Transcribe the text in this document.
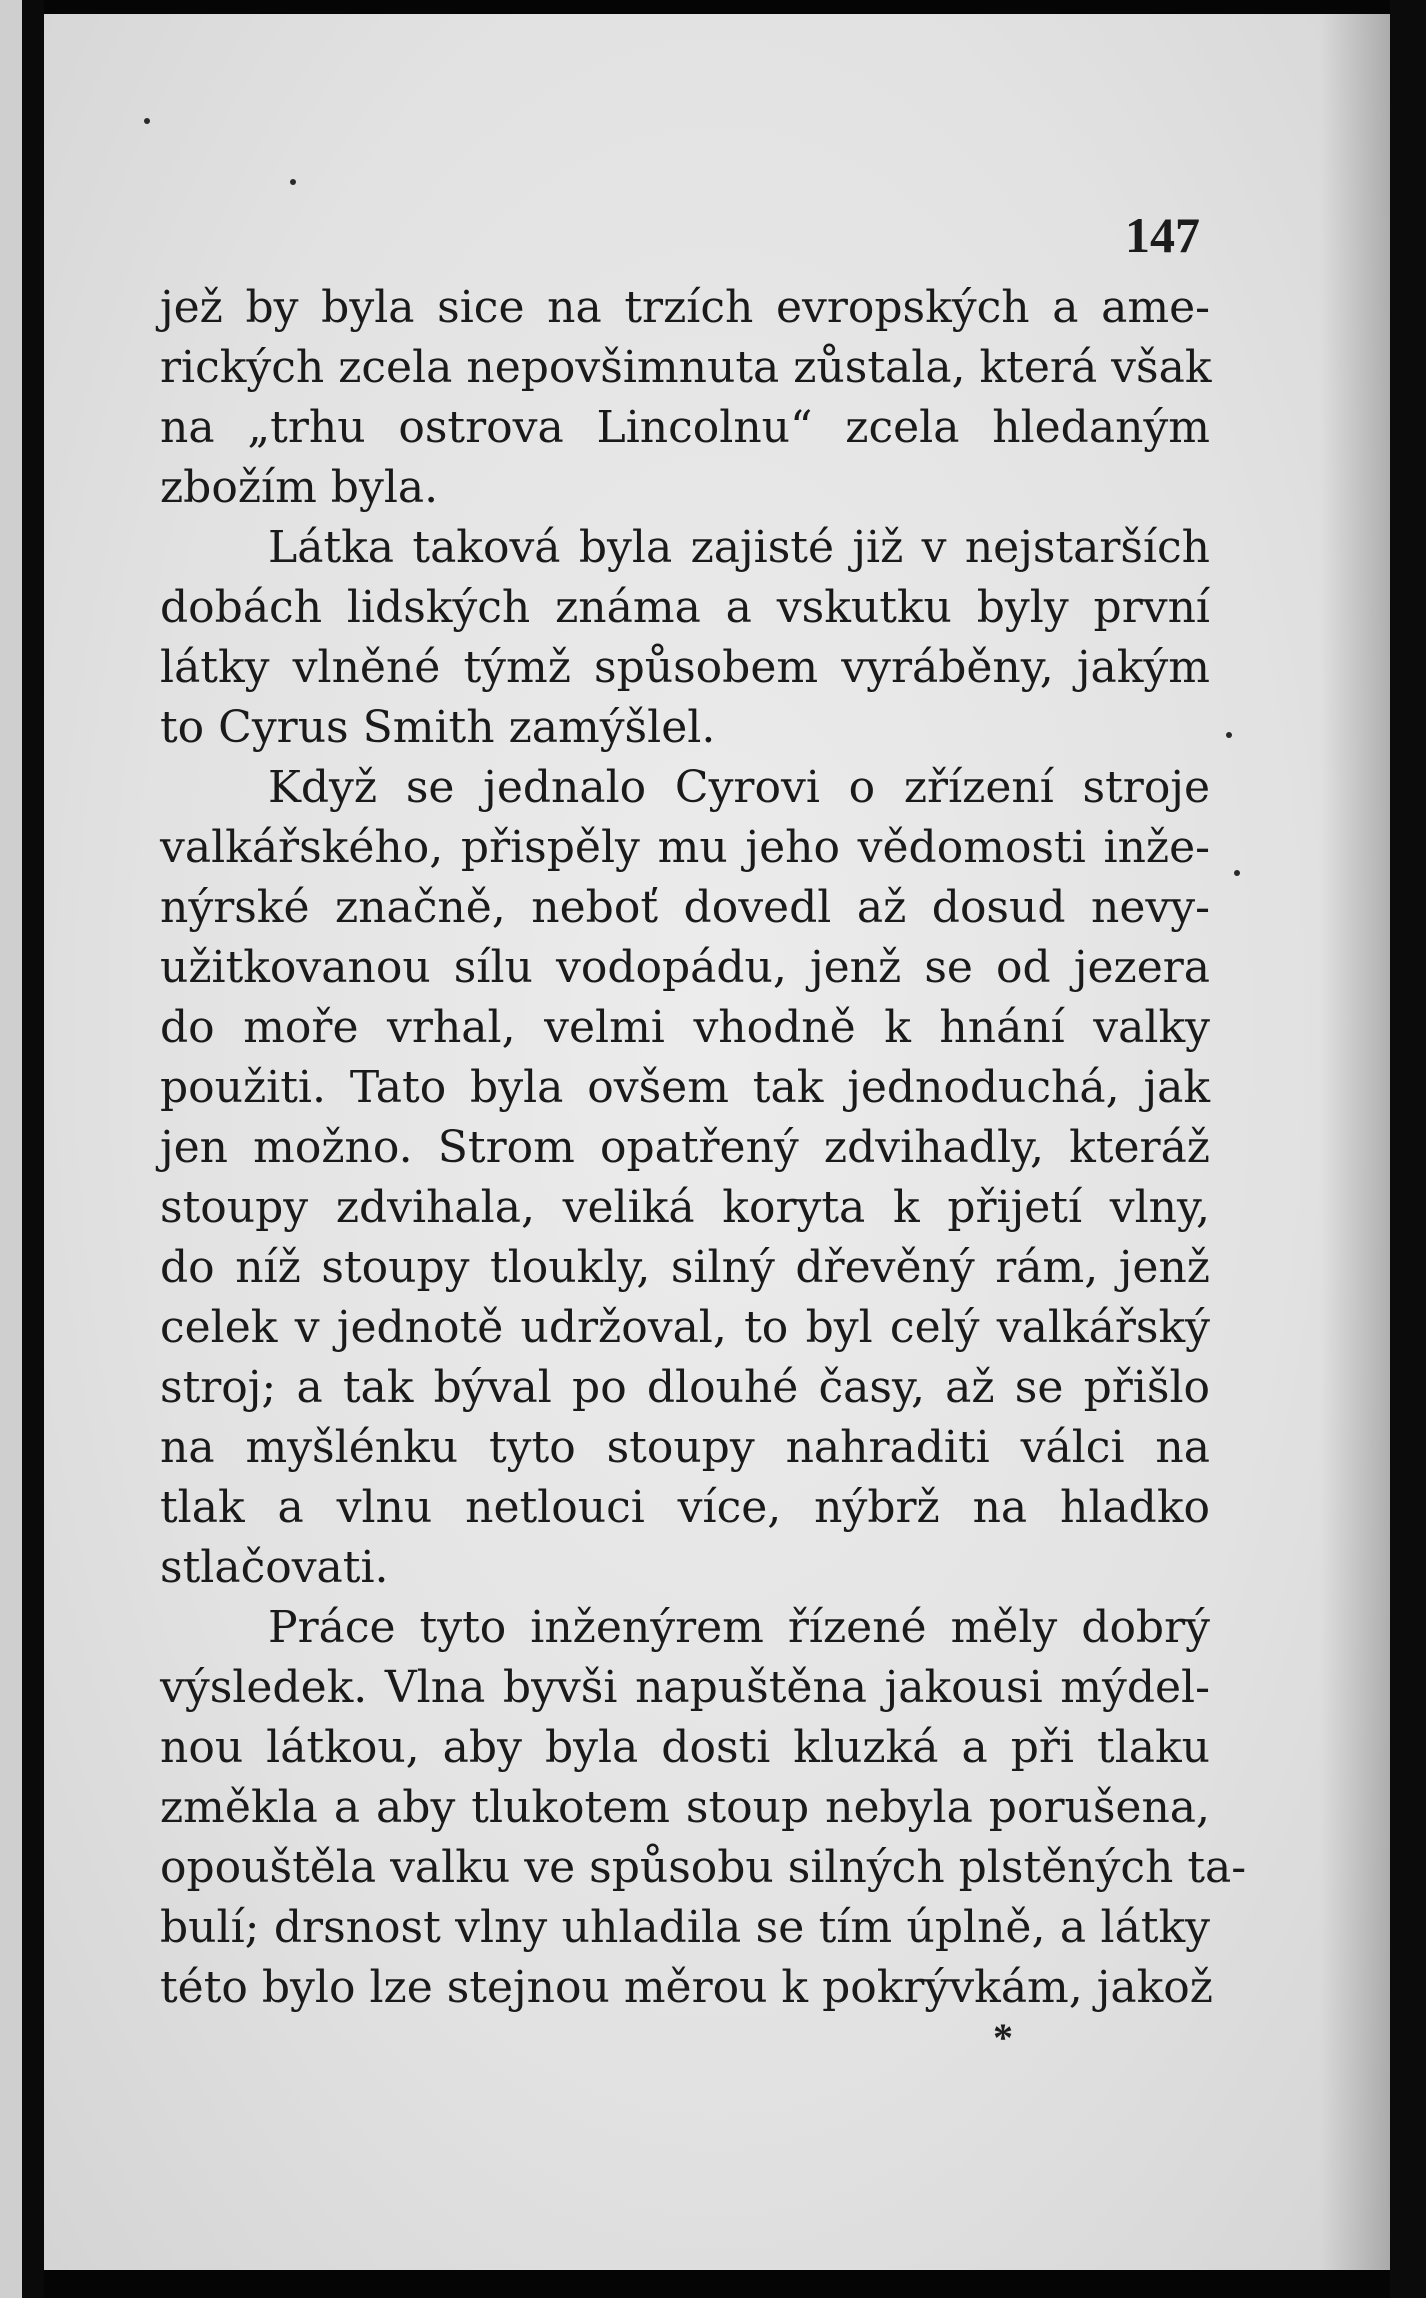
147
jež by byla sice na trzích evropských a ame-
rických zcela nepovšimnuta zůstala, která však
na „trhu ostrova Lincolnu“ zcela hledaným
zbožím byla.
Látka taková byla zajisté již v nejstarších
dobách lidských známa a vskutku byly první
látky vlněné týmž spůsobem vyráběny, jakým
to Cyrus Smith zamýšlel.
Když se jednalo Cyrovi o zřízení stroje
valkářského, přispěly mu jeho vědomosti inže-
nýrské značně, neboť dovedl až dosud nevy-
užitkovanou sílu vodopádu, jenž se od jezera
do moře vrhal, velmi vhodně k hnání valky
použiti. Tato byla ovšem tak jednoduchá, jak
jen možno. Strom opatřený zdvihadly, kteráž
stoupy zdvihala, veliká koryta k přijetí vlny,
do níž stoupy tloukly, silný dřevěný rám, jenž
celek v jednotě udržoval, to byl celý valkářský
stroj; a tak býval po dlouhé časy, až se přišlo
na myšlénku tyto stoupy nahraditi válci na
tlak a vlnu netlouci více, nýbrž na hladko
stlačovati.
Práce tyto inženýrem řízené měly dobrý
výsledek. Vlna byvši napuštěna jakousi mýdel-
nou látkou, aby byla dosti kluzká a při tlaku
změkla a aby tlukotem stoup nebyla porušena,
opouštěla valku ve spůsobu silných plstěných ta-
bulí; drsnost vlny uhladila se tím úplně, a látky
této bylo lze stejnou měrou k pokrývkám, jakož
*
